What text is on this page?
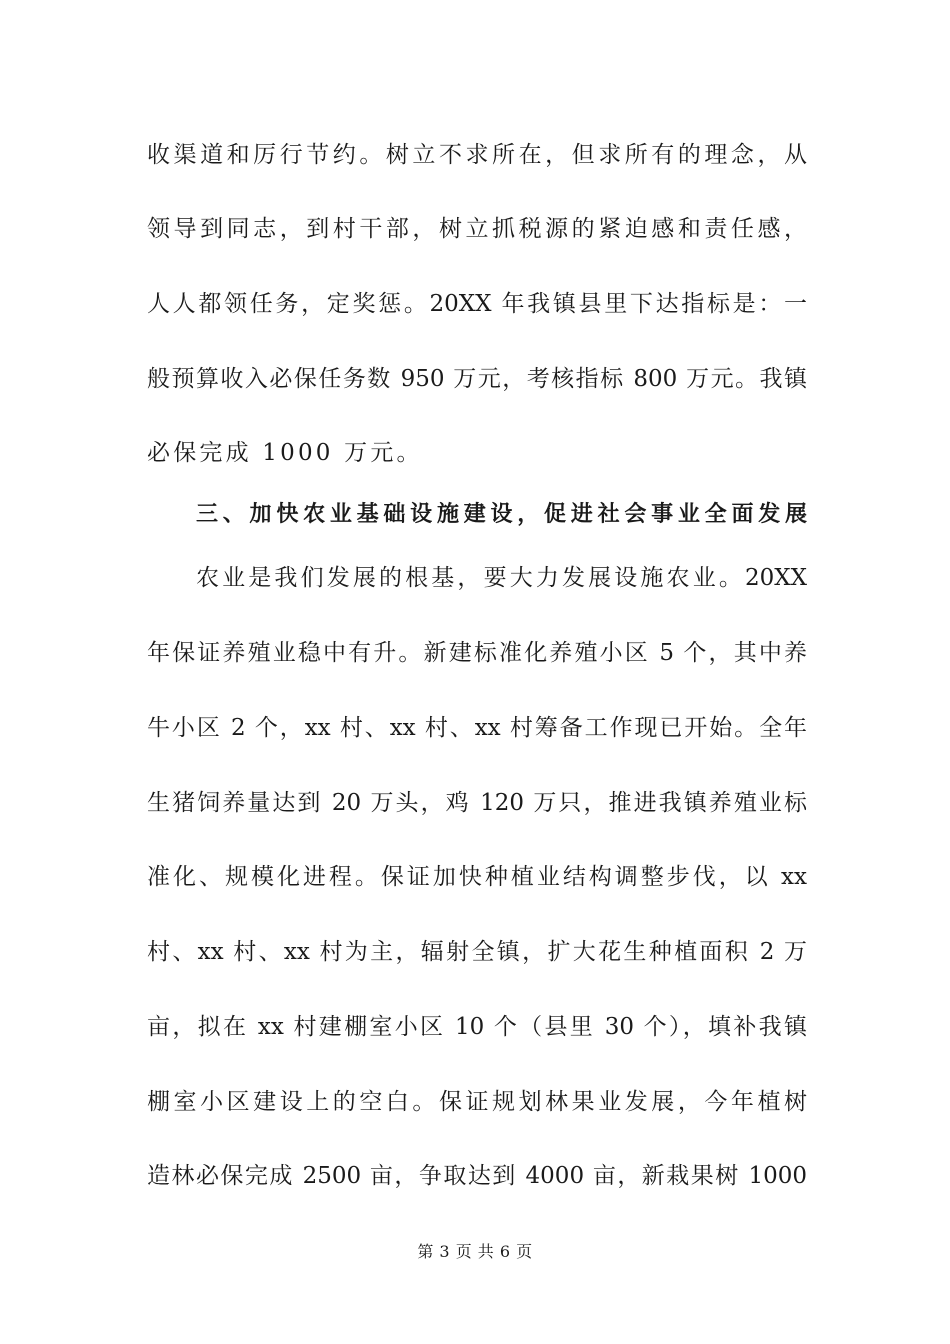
收渠道和厉行节约。树立不求所在，但求所有的理念，从
领导到同志，到村干部，树立抓税源的紧迫感和责任感，
人人都领任务，定奖惩。20XX 年我镇县里下达指标是：一
般预算收入必保任务数 950 万元，考核指标 800 万元。我镇
必保完成 1000 万元。
三、加快农业基础设施建设，促进社会事业全面发展
农业是我们发展的根基，要大力发展设施农业。20XX
年保证养殖业稳中有升。新建标准化养殖小区 5 个，其中养
牛小区 2 个，xx 村、xx 村、xx 村筹备工作现已开始。全年
生猪饲养量达到 20 万头，鸡 120 万只，推进我镇养殖业标
准化、规模化进程。保证加快种植业结构调整步伐，以 xx
村、xx 村、xx 村为主，辐射全镇，扩大花生种植面积 2 万
亩，拟在 xx 村建棚室小区 10 个（县里 30 个），填补我镇
棚室小区建设上的空白。保证规划林果业发展，今年植树
造林必保完成 2500 亩，争取达到 4000 亩，新栽果树 1000
第 3 页 共 6 页
